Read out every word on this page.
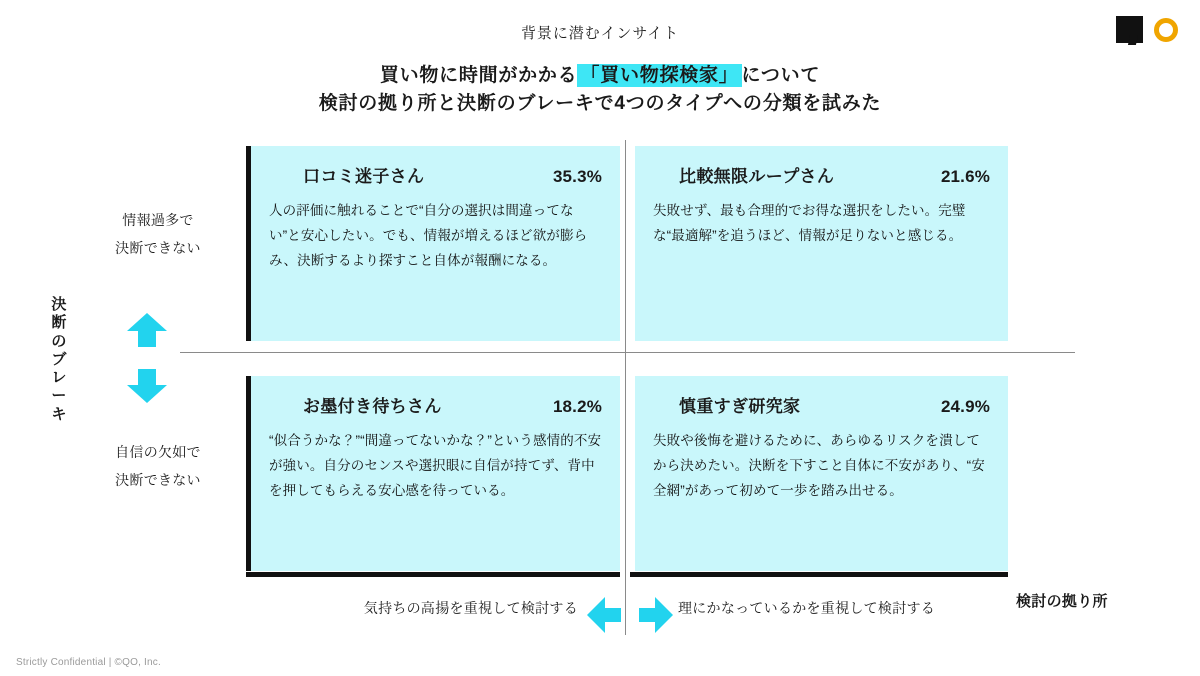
背景に潜むインサイト
買い物に時間がかかる 「買い物探検家」 について
検討の拠り所と決断のブレーキで4つのタイプへの分類を試みた
口コミ迷子さん	35.3%
人の評価に触れることで“自分の選択は間違ってない”と安心したい。でも、情報が増えるほど欲が膨らみ、決断するより探すこと自体が報酬になる。
比較無限ループさん	21.6%
失敗せず、最も合理的でお得な選択をしたい。完璧な“最適解”を追うほど、情報が足りないと感じる。
お墨付き待ちさん	18.2%
“似合うかな？”“間違ってないかな？”という感情的不安が強い。自分のセンスや選択眼に自信が持てず、背中を押してもらえる安心感を待っている。
慎重すぎ研究家	24.9%
失敗や後悔を避けるために、あらゆるリスクを潰してから決めたい。決断を下すこと自体に不安があり、“安全網”があって初めて一歩を踏み出せる。
決断のブレーキ
検討の拠り所
情報過多で
決断できない
自信の欠如で
決断できない
気持ちの高揚を重視して検討する	理にかなっているかを重視して検討する
Strictly Confidential | ©QO, Inc.
